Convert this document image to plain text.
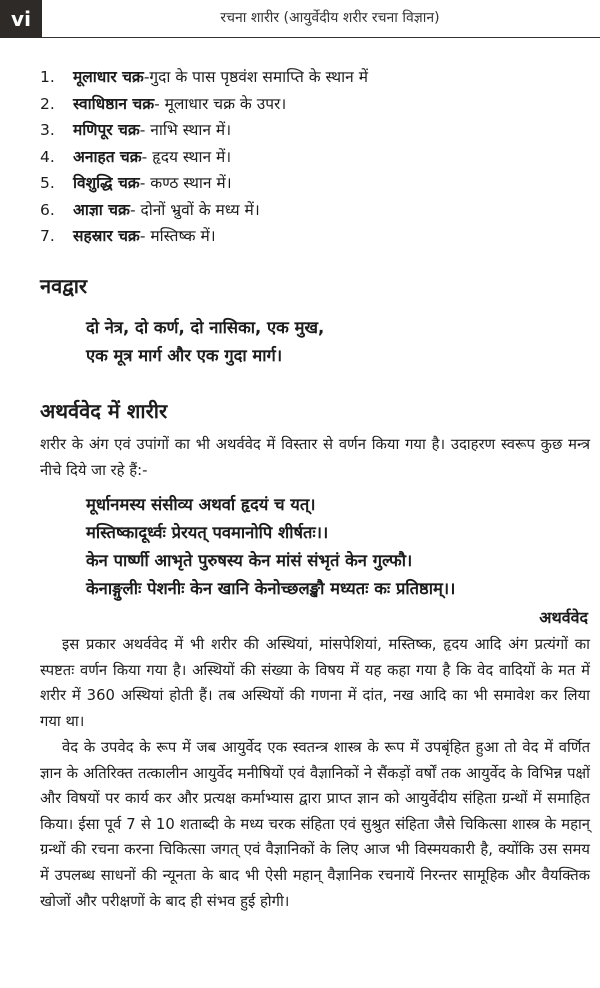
vi	रचना शारीर (आयुर्वेदीय शरीर रचना विज्ञान)
1. मूलाधार चक्र-गुदा के पास पृष्ठवंश समाप्ति के स्थान में
2. स्वाधिष्ठान चक्र- मूलाधार चक्र के उपर।
3. मणिपूर चक्र- नाभि स्थान में।
4. अनाहत चक्र- हृदय स्थान में।
5. विशुद्धि चक्र- कण्ठ स्थान में।
6. आज्ञा चक्र- दोनों भ्रुवों के मध्य में।
7. सहस्रार चक्र- मस्तिष्क में।
नवद्वार
दो नेत्र, दो कर्ण, दो नासिका, एक मुख,
एक मूत्र मार्ग और एक गुदा मार्ग।
अथर्ववेद में शारीर
शरीर के अंग एवं उपांगों का भी अथर्ववेद में विस्तार से वर्णन किया गया है। उदाहरण स्वरूप कुछ मन्त्र नीचे दिये जा रहे हैं:-
मूर्धानमस्य संसीव्य अथर्वा हृदयं च यत्।
मस्तिष्कादूर्ध्वः प्रेरयत् पवमानोपि शीर्षतः।।
केन पार्ष्णी आभृते पुरुषस्य केन मांसं संभृतं केन गुल्फौ।
केनाङ्गुलीः पेशनीः केन खानि केनोच्छलङ्खौ मध्यतः कः प्रतिष्ठाम्।।
अथर्ववेद
इस प्रकार अथर्ववेद में भी शरीर की अस्थियां, मांसपेशियां, मस्तिष्क, हृदय आदि अंग प्रत्यंगों का स्पष्टतः वर्णन किया गया है। अस्थियों की संख्या के विषय में यह कहा गया है कि वेद वादियों के मत में शरीर में 360 अस्थियां होती हैं। तब अस्थियों की गणना में दांत, नख आदि का भी समावेश कर लिया गया था।
वेद के उपवेद के रूप में जब आयुर्वेद एक स्वतन्त्र शास्त्र के रूप में उपबृंहित हुआ तो वेद में वर्णित ज्ञान के अतिरिक्त तत्कालीन आयुर्वेद मनीषियों एवं वैज्ञानिकों ने सैंकड़ों वर्षों तक आयुर्वेद के विभिन्न पक्षों और विषयों पर कार्य कर और प्रत्यक्ष कर्माभ्यास द्वारा प्राप्त ज्ञान को आयुर्वेदीय संहिता ग्रन्थों में समाहित किया। ईसा पूर्व 7 से 10 शताब्दी के मध्य चरक संहिता एवं सुश्रुत संहिता जैसे चिकित्सा शास्त्र के महान् ग्रन्थों की रचना करना चिकित्सा जगत् एवं वैज्ञानिकों के लिए आज भी विस्मयकारी है, क्योंकि उस समय में उपलब्ध साधनों की न्यूनता के बाद भी ऐसी महान् वैज्ञानिक रचनायें निरन्तर सामूहिक और वैयक्तिक खोजों और परीक्षणों के बाद ही संभव हुई होगी।
